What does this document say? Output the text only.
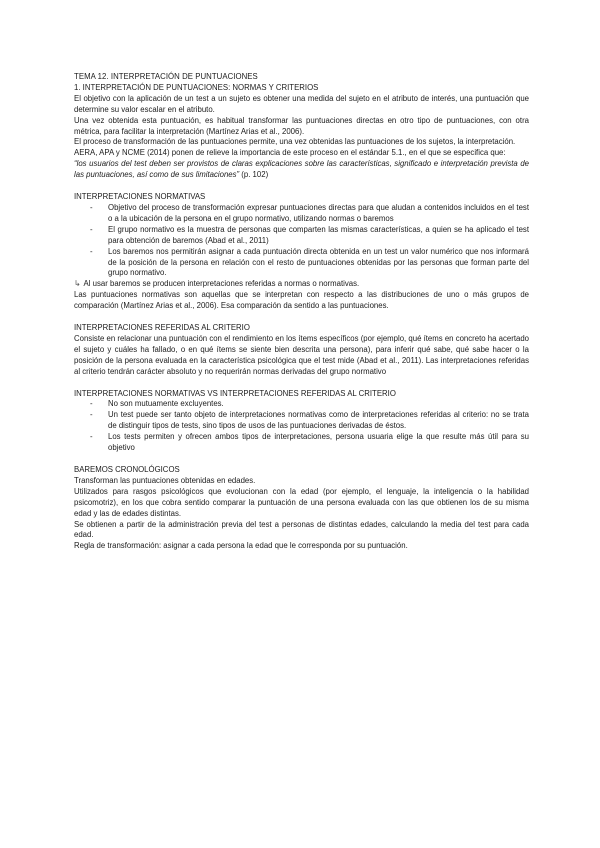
TEMA 12. INTERPRETACIÓN DE PUNTUACIONES

1. INTERPRETACIÓN DE PUNTUACIONES: NORMAS Y CRITERIOS

El objetivo con la aplicación de un test a un sujeto es obtener una medida del sujeto en el atributo de interés, una puntuación que determine su valor escalar en el atributo.

Una vez obtenida esta puntuación, es habitual transformar las puntuaciones directas en otro tipo de puntuaciones, con otra métrica, para facilitar la interpretación (Martínez Arias et al., 2006).

El proceso de transformación de las puntuaciones permite, una vez obtenidas las puntuaciones de los sujetos, la interpretación.

AERA, APA y NCME (2014) ponen de relieve la importancia de este proceso en el estándar 5.1., en el que se especifica que:

“los usuarios del test deben ser provistos de claras explicaciones sobre las características, significado e interpretación prevista de las puntuaciones, así como de sus limitaciones” (p. 102)

INTERPRETACIONES NORMATIVAS

- Objetivo del proceso de transformación expresar puntuaciones directas para que aludan a contenidos incluidos en el test o a la ubicación de la persona en el grupo normativo, utilizando normas o baremos
- El grupo normativo es la muestra de personas que comparten las mismas características, a quien se ha aplicado el test para obtención de baremos (Abad et al., 2011)
- Los baremos nos permitirán asignar a cada puntuación directa obtenida en un test un valor numérico que nos informará de la posición de la persona en relación con el resto de puntuaciones obtenidas por las personas que forman parte del grupo normativo.

↳ Al usar baremos se producen interpretaciones referidas a normas o normativas.

Las puntuaciones normativas son aquellas que se interpretan con respecto a las distribuciones de uno o más grupos de comparación (Martínez Arias et al., 2006). Esa comparación da sentido a las puntuaciones.

INTERPRETACIONES REFERIDAS AL CRITERIO

Consiste en relacionar una puntuación con el rendimiento en los ítems específicos (por ejemplo, qué ítems en concreto ha acertado el sujeto y cuáles ha fallado, o en qué ítems se siente bien descrita una persona), para inferir qué sabe, qué sabe hacer o la posición de la persona evaluada en la característica psicológica que el test mide (Abad et al., 2011). Las interpretaciones referidas al criterio tendrán carácter absoluto y no requerirán normas derivadas del grupo normativo

INTERPRETACIONES NORMATIVAS VS INTERPRETACIONES REFERIDAS AL CRITERIO

- No son mutuamente excluyentes.
- Un test puede ser tanto objeto de interpretaciones normativas como de interpretaciones referidas al criterio: no se trata de distinguir tipos de tests, sino tipos de usos de las puntuaciones derivadas de éstos.
- Los tests permiten y ofrecen ambos tipos de interpretaciones, persona usuaria elige la que resulte más útil para su objetivo

BAREMOS CRONOLÓGICOS

Transforman las puntuaciones obtenidas en edades.

Utilizados para rasgos psicológicos que evolucionan con la edad (por ejemplo, el lenguaje, la inteligencia o la habilidad psicomotriz), en los que cobra sentido comparar la puntuación de una persona evaluada con las que obtienen los de su misma edad y las de edades distintas.

Se obtienen a partir de la administración previa del test a personas de distintas edades, calculando la media del test para cada edad.

Regla de transformación: asignar a cada persona la edad que le corresponda por su puntuación.
